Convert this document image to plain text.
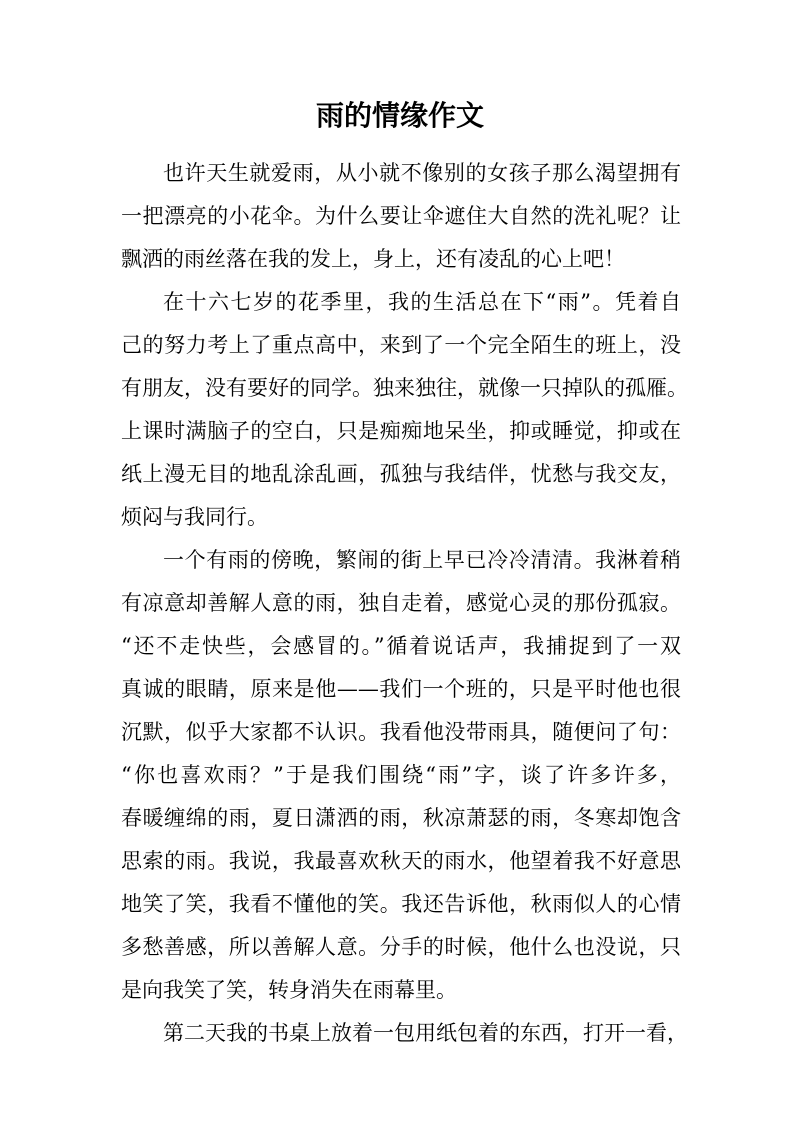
雨的情缘作文
也许天生就爱雨，从小就不像别的女孩子那么渴望拥有
一把漂亮的小花伞。为什么要让伞遮住大自然的洗礼呢？让
飘洒的雨丝落在我的发上，身上，还有凌乱的心上吧！
在十六七岁的花季里，我的生活总在下“雨”。凭着自
己的努力考上了重点高中，来到了一个完全陌生的班上，没
有朋友，没有要好的同学。独来独往，就像一只掉队的孤雁。
上课时满脑子的空白，只是痴痴地呆坐，抑或睡觉，抑或在
纸上漫无目的地乱涂乱画，孤独与我结伴，忧愁与我交友，
烦闷与我同行。
一个有雨的傍晚，繁闹的街上早已冷冷清清。我淋着稍
有凉意却善解人意的雨，独自走着，感觉心灵的那份孤寂。
“还不走快些，会感冒的。”循着说话声，我捕捉到了一双
真诚的眼睛，原来是他——我们一个班的，只是平时他也很
沉默，似乎大家都不认识。我看他没带雨具，随便问了句：
“你也喜欢雨？”于是我们围绕“雨”字，谈了许多许多，
春暖缠绵的雨，夏日潇洒的雨，秋凉萧瑟的雨，冬寒却饱含
思索的雨。我说，我最喜欢秋天的雨水，他望着我不好意思
地笑了笑，我看不懂他的笑。我还告诉他，秋雨似人的心情
多愁善感，所以善解人意。分手的时候，他什么也没说，只
是向我笑了笑，转身消失在雨幕里。
第二天我的书桌上放着一包用纸包着的东西，打开一看，
